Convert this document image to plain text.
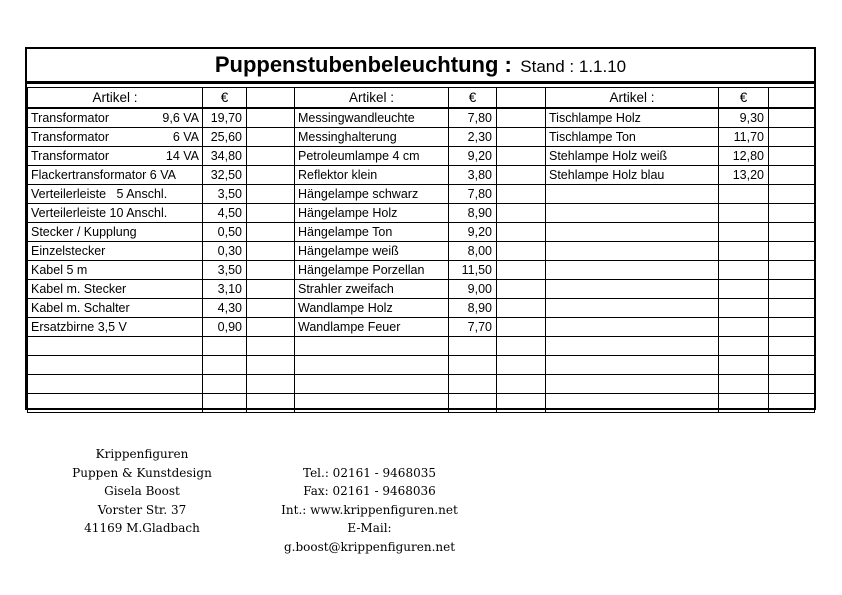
Puppenstubenbeleuchtung : Stand : 1.1.10
Artikel :	€		Artikel :	€		Artikel :	€	

Transformator 9,6 VA	19,70		Messingwandleuchte	7,80		Tischlampe Holz	9,30	

Transformator 6 VA	25,60		Messinghalterung	2,30		Tischlampe Ton	11,70	

Transformator 14 VA	34,80		Petroleumlampe 4 cm	9,20		Stehlampe Holz weiß	12,80	
Flackertransformator 6 VA	32,50		Reflektor klein	3,80		Stehlampe Holz blau	13,20	
Verteilerleiste   5 Anschl.	3,50		Hängelampe schwarz	7,80				
Verteilerleiste 10 Anschl.	4,50		Hängelampe Holz	8,90				
Stecker / Kupplung	0,50		Hängelampe Ton	9,20				
Einzelstecker	0,30		Hängelampe weiß	8,00				
Kabel 5 m	3,50		Hängelampe Porzellan	11,50				
Kabel m. Stecker	3,10		Strahler zweifach	9,00				
Kabel m. Schalter	4,30		Wandlampe Holz	8,90				
Ersatzbirne 3,5 V	0,90		Wandlampe Feuer	7,70				

Krippenfiguren
Puppen & Kunstdesign
Gisela Boost
Vorster Str. 37
41169 M.Gladbach
Tel.: 02161 - 9468035
Fax: 02161 - 9468036
Int.: www.krippenfiguren.net
E-Mail: g.boost@krippenfiguren.net
